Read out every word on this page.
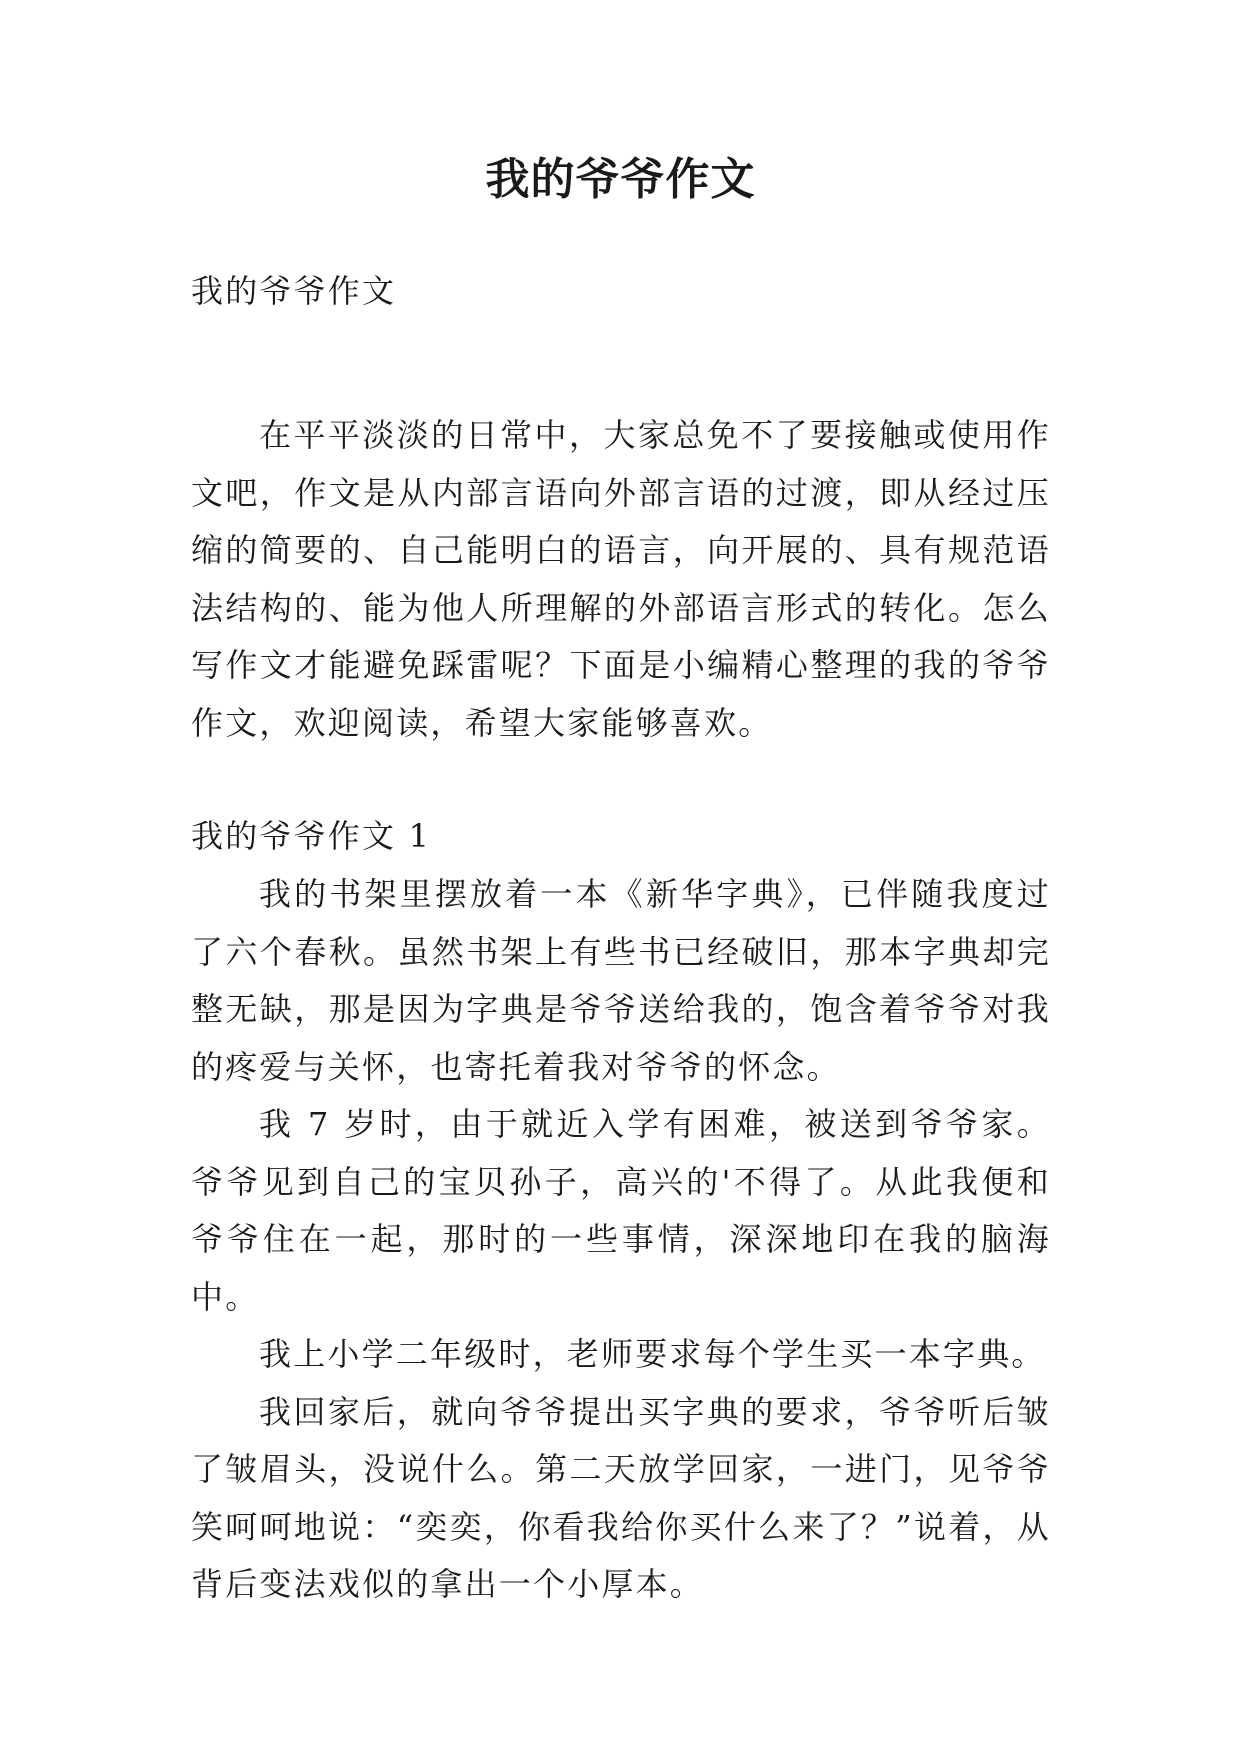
我的爷爷作文

我的爷爷作文

在平平淡淡的日常中，大家总免不了要接触或使用作文吧，作文是从内部言语向外部言语的过渡，即从经过压缩的简要的、自己能明白的语言，向开展的、具有规范语法结构的、能为他人所理解的外部语言形式的转化。怎么写作文才能避免踩雷呢？下面是小编精心整理的我的爷爷作文，欢迎阅读，希望大家能够喜欢。

我的爷爷作文 1

我的书架里摆放着一本《新华字典》，已伴随我度过了六个春秋。虽然书架上有些书已经破旧，那本字典却完整无缺，那是因为字典是爷爷送给我的，饱含着爷爷对我的疼爱与关怀，也寄托着我对爷爷的怀念。

我 7 岁时，由于就近入学有困难，被送到爷爷家。爷爷见到自己的宝贝孙子，高兴的'不得了。从此我便和爷爷住在一起，那时的一些事情，深深地印在我的脑海中。

我上小学二年级时，老师要求每个学生买一本字典。

我回家后，就向爷爷提出买字典的要求，爷爷听后皱了皱眉头，没说什么。第二天放学回家，一进门，见爷爷笑呵呵地说：“奕奕，你看我给你买什么来了？”说着，从背后变法戏似的拿出一个小厚本。
